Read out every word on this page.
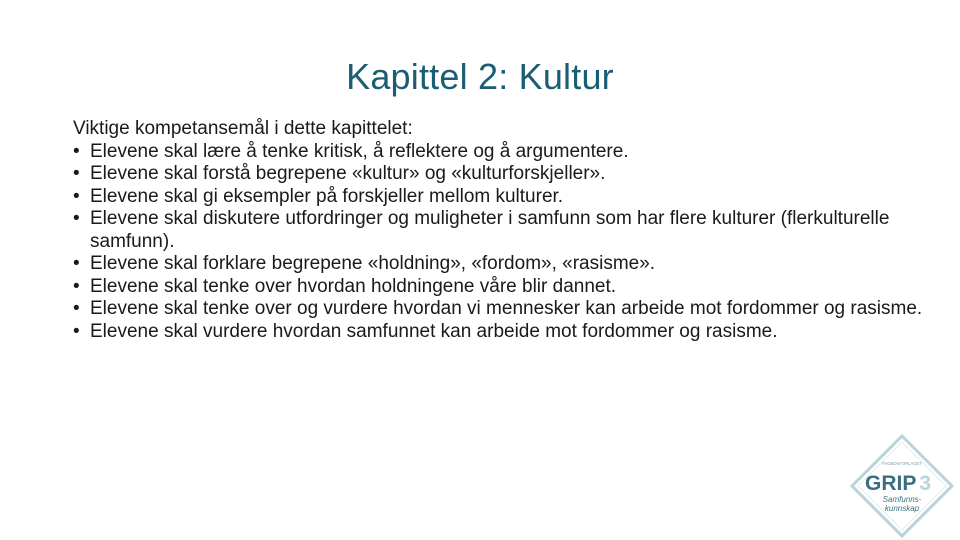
Kapittel 2: Kultur

Viktige kompetansemål i dette kapittelet:

• Elevene skal lære å tenke kritisk, å reflektere og å argumentere.
• Elevene skal forstå begrepene «kultur» og «kulturforskjeller».
• Elevene skal gi eksempler på forskjeller mellom kulturer.
• Elevene skal diskutere utfordringer og muligheter i samfunn som har flere kulturer (flerkulturelle samfunn).
• Elevene skal forklare begrepene «holdning», «fordom», «rasisme».
• Elevene skal tenke over hvordan holdningene våre blir dannet.
• Elevene skal tenke over og vurdere hvordan vi mennesker kan arbeide mot fordommer og rasisme.
• Elevene skal vurdere hvordan samfunnet kan arbeide mot fordommer og rasisme.
FAGBOKFORLAGET
GRIP 3
Samfunns-
kunnskap
